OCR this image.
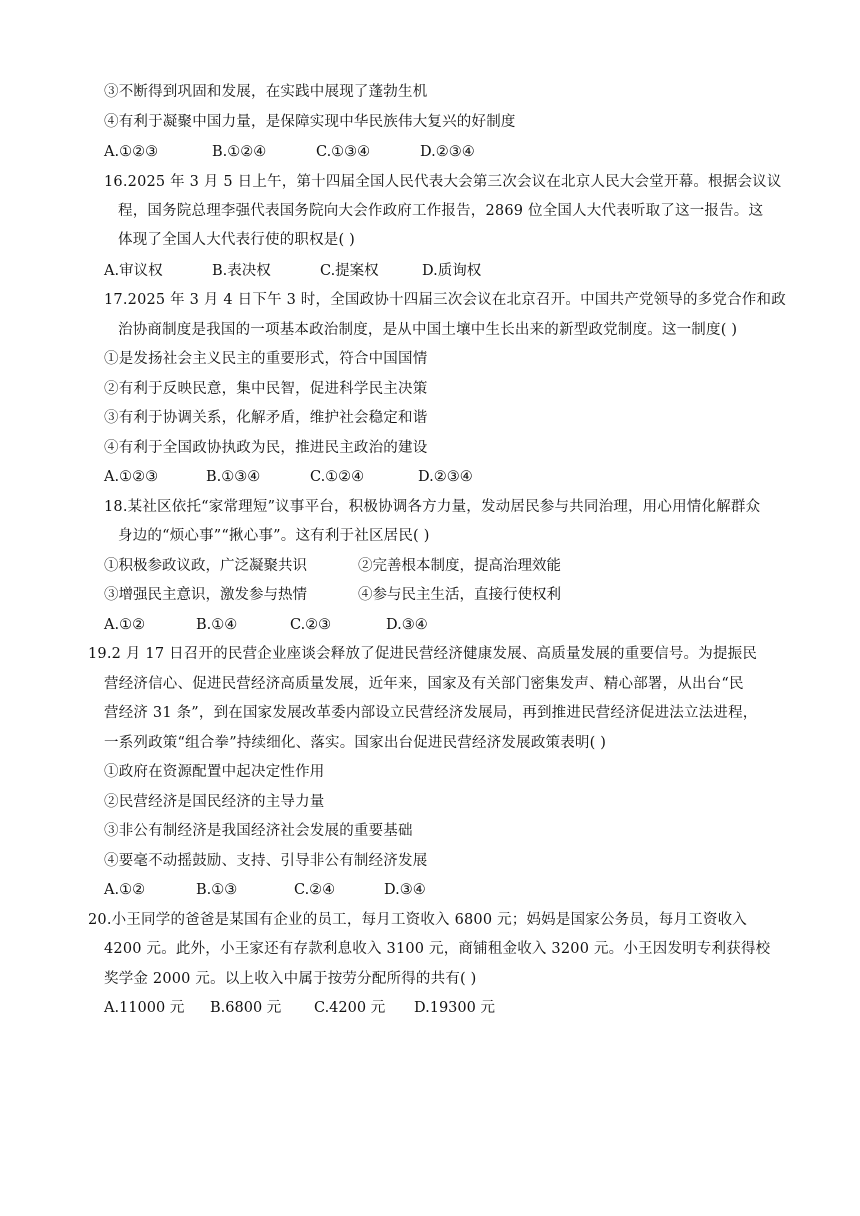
③不断得到巩固和发展，在实践中展现了蓬勃生机
④有利于凝聚中国力量，是保障实现中华民族伟大复兴的好制度
A.①②③	B.①②④	C.①③④	D.②③④
16.2025 年 3 月 5 日上午，第十四届全国人民代表大会第三次会议在北京人民大会堂开幕。根据会议议
程，国务院总理李强代表国务院向大会作政府工作报告，2869 位全国人大代表听取了这一报告。这
体现了全国人大代表行使的职权是( )
A.审议权	B.表决权	C.提案权	D.质询权
17.2025 年 3 月 4 日下午 3 时，全国政协十四届三次会议在北京召开。中国共产党领导的多党合作和政
治协商制度是我国的一项基本政治制度，是从中国土壤中生长出来的新型政党制度。这一制度( )
①是发扬社会主义民主的重要形式，符合中国国情
②有利于反映民意，集中民智，促进科学民主决策
③有利于协调关系，化解矛盾，维护社会稳定和谐
④有利于全国政协执政为民，推进民主政治的建设
A.①②③	B.①③④	C.①②④	D.②③④
18.某社区依托“家常理短”议事平台，积极协调各方力量，发动居民参与共同治理，用心用情化解群众
身边的“烦心事”“揪心事”。这有利于社区居民( )
①积极参政议政，广泛凝聚共识	②完善根本制度，提高治理效能
③增强民主意识，激发参与热情	④参与民主生活，直接行使权利
A.①②	B.①④	C.②③	D.③④
19.2 月 17 日召开的民营企业座谈会释放了促进民营经济健康发展、高质量发展的重要信号。为提振民
营经济信心、促进民营经济高质量发展，近年来，国家及有关部门密集发声、精心部署，从出台“民
营经济 31 条”，到在国家发展改革委内部设立民营经济发展局，再到推进民营经济促进法立法进程，
一系列政策“组合拳”持续细化、落实。国家出台促进民营经济发展政策表明( )
①政府在资源配置中起决定性作用
②民营经济是国民经济的主导力量
③非公有制经济是我国经济社会发展的重要基础
④要毫不动摇鼓励、支持、引导非公有制经济发展
A.①②	B.①③	C.②④	D.③④
20.小王同学的爸爸是某国有企业的员工，每月工资收入 6800 元；妈妈是国家公务员，每月工资收入
4200 元。此外，小王家还有存款利息收入 3100 元，商铺租金收入 3200 元。小王因发明专利获得校
奖学金 2000 元。以上收入中属于按劳分配所得的共有( )
A.11000 元 B.6800 元 C.4200 元 D.19300 元
